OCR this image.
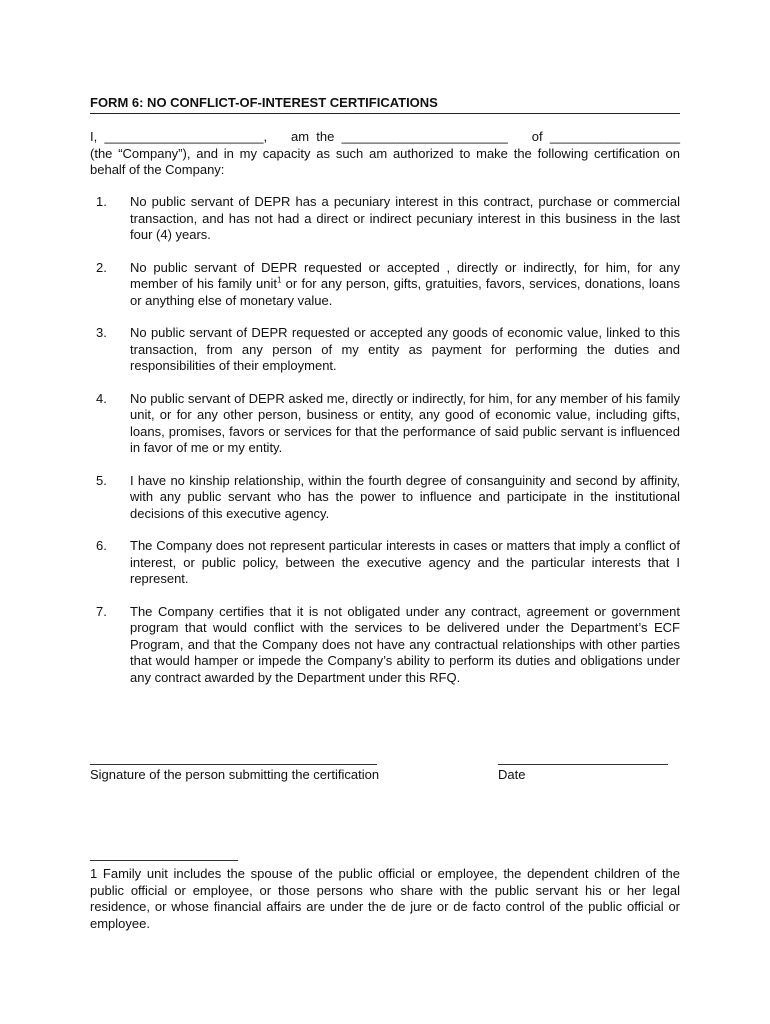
FORM 6: NO CONFLICT-OF-INTEREST CERTIFICATIONS
I,  ______________________, am  the  _______________________ of  __________________
(the “Company”), and in my capacity as such am authorized to make the following certification on behalf of the Company:
1.	No public servant of DEPR has a pecuniary interest in this contract, purchase or commercial transaction, and has not had a direct or indirect pecuniary interest in this business in the last four (4) years.
2.	No public servant of DEPR requested or accepted , directly or indirectly, for him, for any member of his family unit$^1$ or for any person, gifts, gratuities, favors, services, donations, loans or anything else of monetary value.
3.	No public servant of DEPR requested or accepted any goods of economic value, linked to this transaction, from any person of my entity as payment for performing the duties and responsibilities of their employment.
4.	No public servant of DEPR asked me, directly or indirectly, for him, for any member of his family unit, or for any other person, business or entity, any good of economic value, including gifts, loans, promises, favors or services for that the performance of said public servant is influenced in favor of me or my entity.
5.	I have no kinship relationship, within the fourth degree of consanguinity and second by affinity, with any public servant who has the power to influence and participate in the institutional decisions of this executive agency.
6.	The Company does not represent particular interests in cases or matters that imply a conflict of interest, or public policy, between the executive agency and the particular interests that I represent.
7.	The Company certifies that it is not obligated under any contract, agreement or government program that would conflict with the services to be delivered under the Department’s ECF Program, and that the Company does not have any contractual relationships with other parties that would hamper or impede the Company’s ability to perform its duties and obligations under any contract awarded by the Department under this RFQ.
Signature of the person submitting the certification	Date
1 Family unit includes the spouse of the public official or employee, the dependent children of the public official or employee, or those persons who share with the public servant his or her legal residence, or whose financial affairs are under the de jure or de facto control of the public official or employee.
